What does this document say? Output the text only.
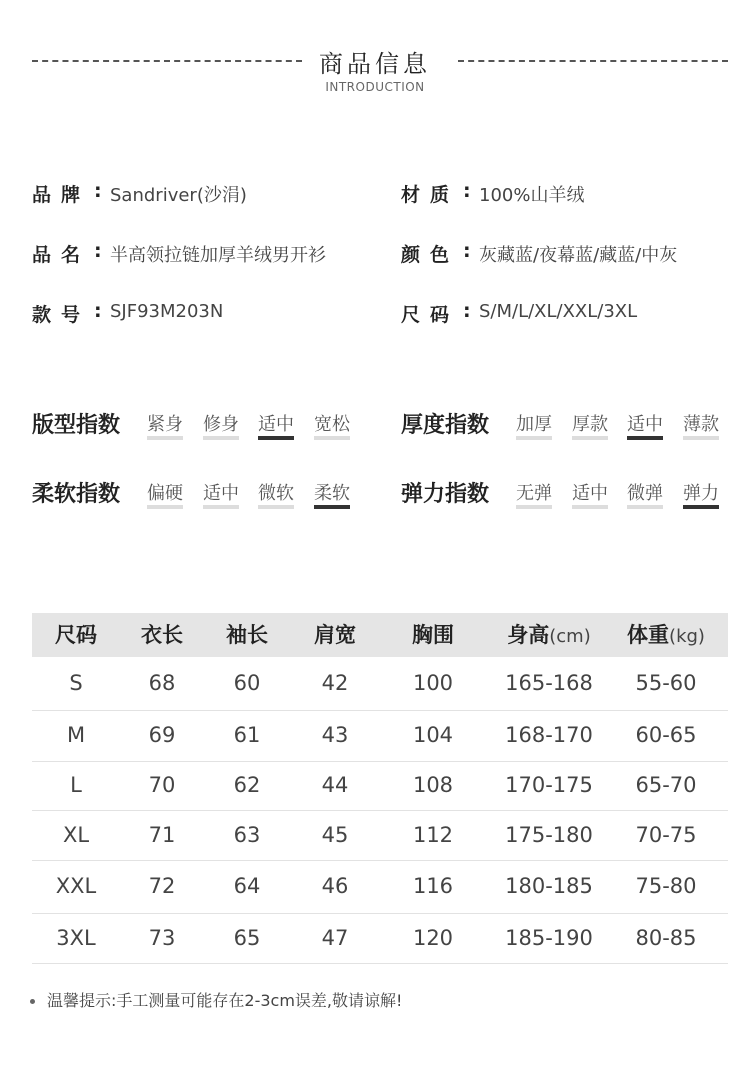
商品信息
INTRODUCTION
品牌 : Sandriver(沙涓)
品名 : 半高领拉链加厚羊绒男开衫
款号 : SJF93M203N
材质 : 100%山羊绒
颜色 : 灰藏蓝/夜幕蓝/藏蓝/中灰
尺码 : S/M/L/XL/XXL/3XL
版型指数 紧身 修身 适中 宽松 厚度指数 加厚 厚款 适中 薄款
柔软指数 偏硬 适中 微软 柔软 弹力指数 无弹 适中 微弹 弹力
尺码	衣长	袖长	肩宽	胸围	身高(cm)	体重(kg)
S	68	60	42	100	165-168	55-60
M	69	61	43	104	168-170	60-65
L	70	62	44	108	170-175	65-70
XL	71	63	45	112	175-180	70-75
XXL	72	64	46	116	180-185	75-80
3XL	73	65	47	120	185-190	80-85
温馨提示:手工测量可能存在2-3cm误差,敬请谅解!
